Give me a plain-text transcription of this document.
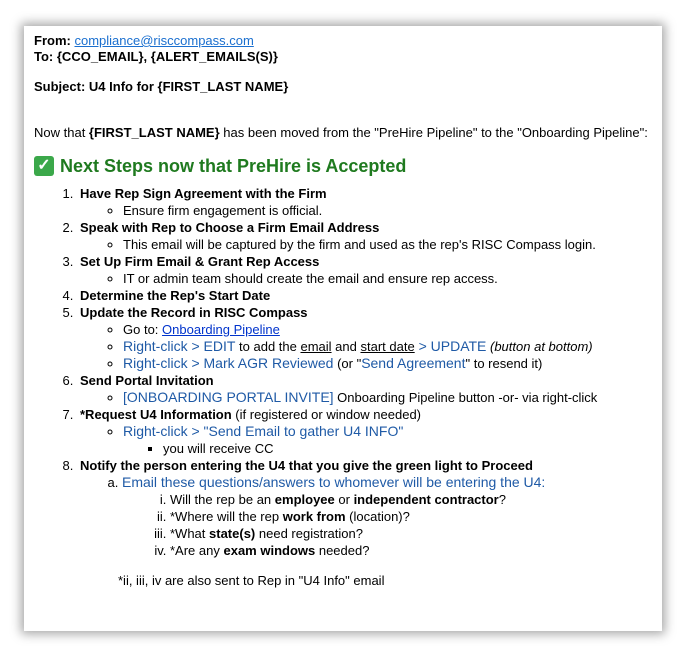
From: compliance@risccompass.com
To: {CCO_EMAIL}, {ALERT_EMAILS(S)}
Subject: U4 Info for {FIRST_LAST NAME}
Now that {FIRST_LAST NAME} has been moved from the "PreHire Pipeline" to the "Onboarding Pipeline":
✓ Next Steps now that PreHire is Accepted
1. Have Rep Sign Agreement with the Firm
◦ Ensure firm engagement is official.
2. Speak with Rep to Choose a Firm Email Address
◦ This email will be captured by the firm and used as the rep's RISC Compass login.
3. Set Up Firm Email & Grant Rep Access
◦ IT or admin team should create the email and ensure rep access.
4. Determine the Rep's Start Date
5. Update the Record in RISC Compass
◦ Go to: Onboarding Pipeline
◦ Right-click > EDIT to add the email and start date > UPDATE (button at bottom)
◦ Right-click > Mark AGR Reviewed (or "Send Agreement" to resend it)
6. Send Portal Invitation
◦ [ONBOARDING PORTAL INVITE] Onboarding Pipeline button -or- via right-click
7. *Request U4 Information (if registered or window needed)
◦ Right-click > "Send Email to gather U4 INFO"
▪ you will receive CC
8. Notify the person entering the U4 that you give the green light to Proceed
a. Email these questions/answers to whomever will be entering the U4:
i. Will the rep be an employee or independent contractor?
ii. *Where will the rep work from (location)?
iii. *What state(s) need registration?
iv. *Are any exam windows needed?
*ii, iii, iv are also sent to Rep in "U4 Info" email
